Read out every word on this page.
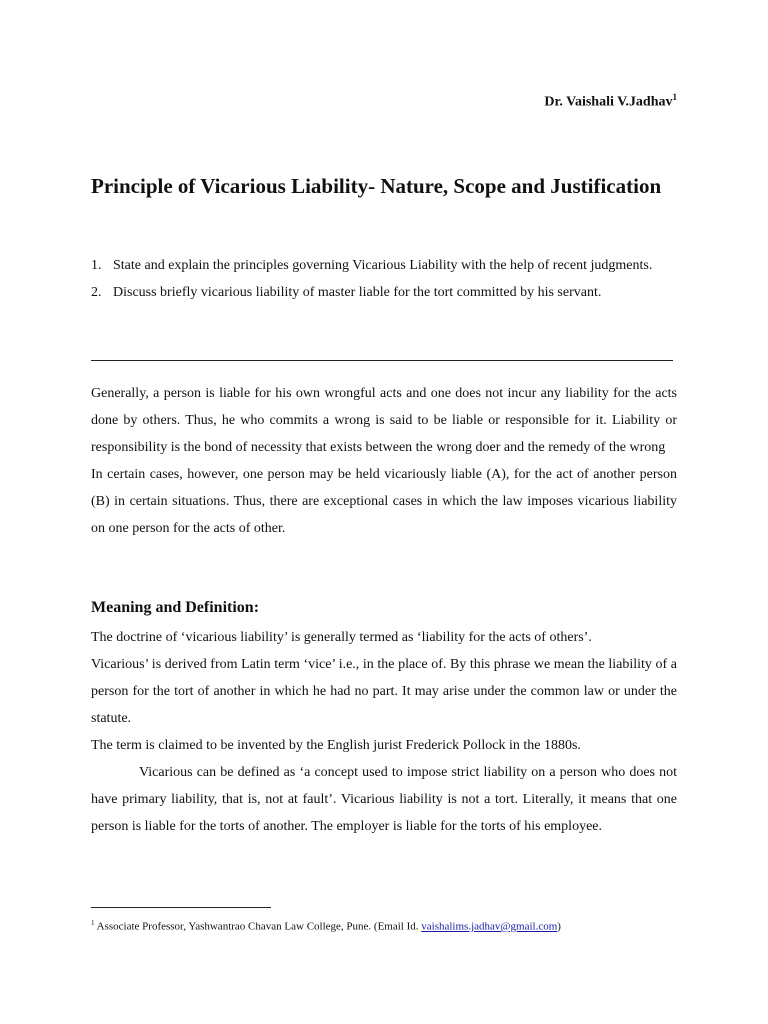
Dr. Vaishali V.Jadhav$^1$
Principle of Vicarious Liability- Nature, Scope and Justification
1. State and explain the principles governing Vicarious Liability with the help of recent judgments.
2. Discuss briefly vicarious liability of master liable for the tort committed by his servant.

Generally, a person is liable for his own wrongful acts and one does not incur any liability for the acts done by others. Thus, he who commits a wrong is said to be liable or responsible for it. Liability or responsibility is the bond of necessity that exists between the wrong doer and the remedy of the wrong

In certain cases, however, one person may be held vicariously liable (A), for the act of another person (B) in certain situations. Thus, there are exceptional cases in which the law imposes vicarious liability on one person for the acts of other.

Meaning and Definition:

The doctrine of ‘vicarious liability’ is generally termed as ‘liability for the acts of others’.

Vicarious’ is derived from Latin term ‘vice’ i.e., in the place of. By this phrase we mean the liability of a person for the tort of another in which he had no part. It may arise under the common law or under the statute.

The term is claimed to be invented by the English jurist Frederick Pollock in the 1880s.

Vicarious can be defined as ‘a concept used to impose strict liability on a person who does not have primary liability, that is, not at fault’. Vicarious liability is not a tort. Literally, it means that one person is liable for the torts of another. The employer is liable for the torts of his employee.

$^1$ Associate Professor, Yashwantrao Chavan Law College, Pune. (Email Id. vaishalims.jadhav@gmail.com)
